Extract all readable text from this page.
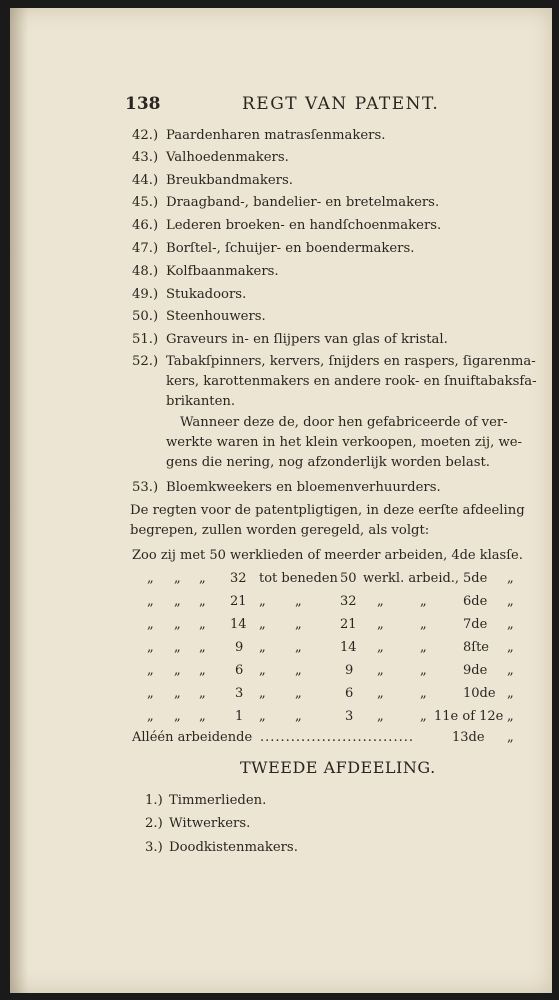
138	REGT VAN PATENT.
42.) Paardenharen matrasſenmakers.
43.) Valhoedenmakers.
44.) Breukbandmakers.
45.) Draagband-, bandelier- en bretelmakers.
46.) Lederen broeken- en handſchoenmakers.
47.) Borſtel-, ſchuijer- en boendermakers.
48.) Kolfbaanmakers.
49.) Stukadoors.
50.) Steenhouwers.
51.) Graveurs in- en ſlijpers van glas of kristal.
52.) Tabakſpinners, kervers, ſnijders en raspers, ſigarenma-
kers, karottenmakers en andere rook- en ſnuiftabaksfa-
brikanten.
Wanneer deze de, door hen gefabriceerde of ver-
werkte waren in het klein verkoopen, moeten zij, we-
gens die nering, nog afzonderlijk worden belast.
53.) Bloemkweekers en bloemenverhuurders.
De regten voor de patentpligtigen, in deze eerſte afdeeling
begrepen, zullen worden geregeld, als volgt:
Zoo zij met 50 werklieden of meerder arbeiden, 4de klasſe.
„ „ „ 32 tot beneden 50 werkl. arbeid., 5de „
„ „ „ 21 „ „	32 „	„	6de „
„ „ „ 14 „ „	21 „	„	7de „
„ „ „ 9 „ „	14 „	„	8ſte „
„ „ „ 6 „ „	9 „	„	9de „
„ „ „ 3 „ „	6 „	„	10de „
„ „ „ 1 „ „	3 „	„ 11e of 12e „
Alléén arbeidende ..............................	13de „
TWEEDE AFDEELING.
1.) Timmerlieden.
2.) Witwerkers.
3.) Doodkistenmakers.
